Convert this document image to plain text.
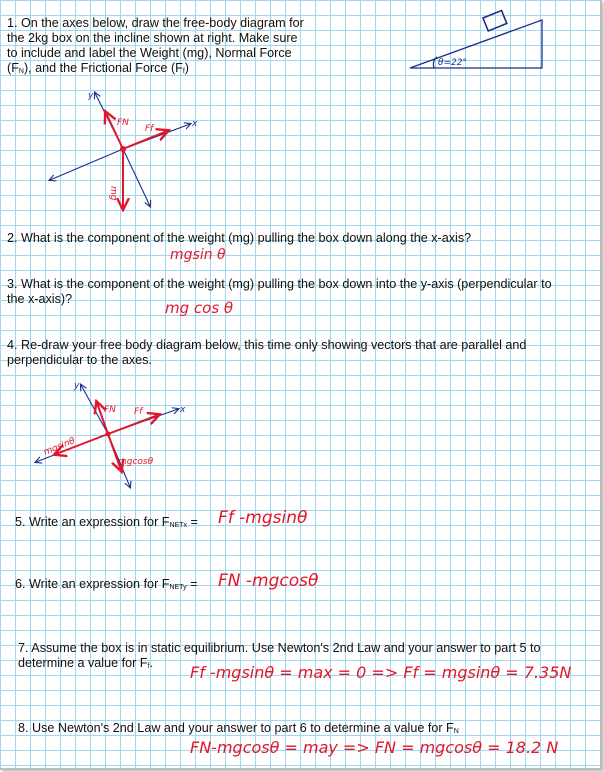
1. On the axes below, draw the free-body diagram for
the 2kg box on the incline shown at right. Make sure
to include and label the Weight (mg), Normal Force
$(F_N)$, and the Frictional Force $(F_f)$	θ=22°
y
x
FN
Ff
mg
2. What is the component of the weight (mg) pulling the box down along the x-axis?
mgsin θ
3. What is the component of the weight (mg) pulling the box down into the y-axis (perpendicular to
the x-axis)?	mg cos θ
4. Re-draw your free body diagram below, this time only showing vectors that are parallel and
perpendicular to the axes.
y
x
FN Ff
mgsinθ
mgcosθ
5. Write an expression for $F_{NETx} = Ff$ -mgsinθ
6. Write an expression for $F_{NETy}$ = FN -mgcosθ
7. Assume the box is in static equilibrium. Use Newton's 2nd Law and your answer to part 5 to
determine a value for $F_f$. Ff -mgsinθ = max = 0 => Ff = mgsinθ = 7.35N
8. Use Newton's 2nd Law and your answer to part 6 to determine a value for $F_N$
FN-mgcosθ = may => FN = mgcosθ = 18.2 N
